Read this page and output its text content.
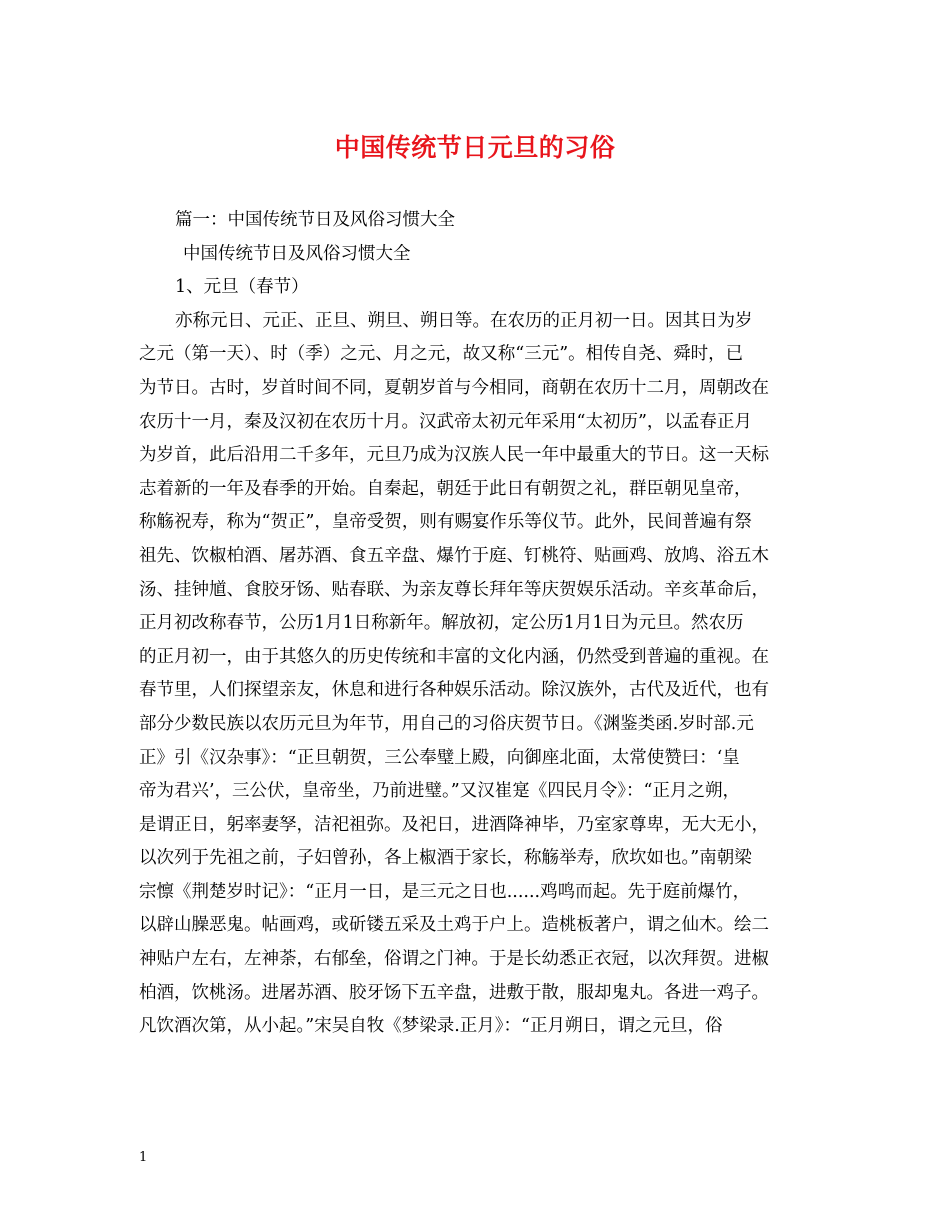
中国传统节日元旦的习俗
篇一：中国传统节日及风俗习惯大全
中国传统节日及风俗习惯大全
1、元旦（春节）
亦称元日、元正、正旦、朔旦、朔日等。在农历的正月初一日。因其日为岁
之元（第一天）、时（季）之元、月之元，故又称“三元”。相传自尧、舜时，已
为节日。古时，岁首时间不同，夏朝岁首与今相同，商朝在农历十二月，周朝改在
农历十一月，秦及汉初在农历十月。汉武帝太初元年采用“太初历”，以孟春正月
为岁首，此后沿用二千多年，元旦乃成为汉族人民一年中最重大的节日。这一天标
志着新的一年及春季的开始。自秦起，朝廷于此日有朝贺之礼，群臣朝见皇帝，
称觞祝寿，称为“贺正”，皇帝受贺，则有赐宴作乐等仪节。此外，民间普遍有祭
祖先、饮椒柏酒、屠苏酒、食五辛盘、爆竹于庭、钉桃符、贴画鸡、放鸠、浴五木
汤、挂钟馗、食胶牙饧、贴春联、为亲友尊长拜年等庆贺娱乐活动。辛亥革命后，
正月初改称春节，公历1月1日称新年。解放初，定公历1月1日为元旦。然农历
的正月初一，由于其悠久的历史传统和丰富的文化内涵，仍然受到普遍的重视。在
春节里，人们探望亲友，休息和进行各种娱乐活动。除汉族外，古代及近代，也有
部分少数民族以农历元旦为年节，用自己的习俗庆贺节日。《渊鉴类函.岁时部.元
正》引《汉杂事》：“正旦朝贺，三公奉璧上殿，向御座北面，太常使赞曰：‘皇
帝为君兴’，三公伏，皇帝坐，乃前进璧。”又汉崔寔《四民月令》：“正月之朔，
是谓正日，躬率妻孥，洁祀祖弥。及祀日，进酒降神毕，乃室家尊卑，无大无小，
以次列于先祖之前，子妇曾孙，各上椒酒于家长，称觞举寿，欣坎如也。”南朝梁
宗懔《荆楚岁时记》：“正月一日，是三元之日也......鸡鸣而起。先于庭前爆竹，
以辟山臊恶鬼。帖画鸡，或斫镂五采及土鸡于户上。造桃板著户，谓之仙木。绘二
神贴户左右，左神荼，右郁垒，俗谓之门神。于是长幼悉正衣冠，以次拜贺。进椒
柏酒，饮桃汤。进屠苏酒、胶牙饧下五辛盘，进敷于散，服却鬼丸。各进一鸡子。
凡饮酒次第，从小起。”宋吴自牧《梦梁录.正月》：“正月朔日，谓之元旦，俗
1
